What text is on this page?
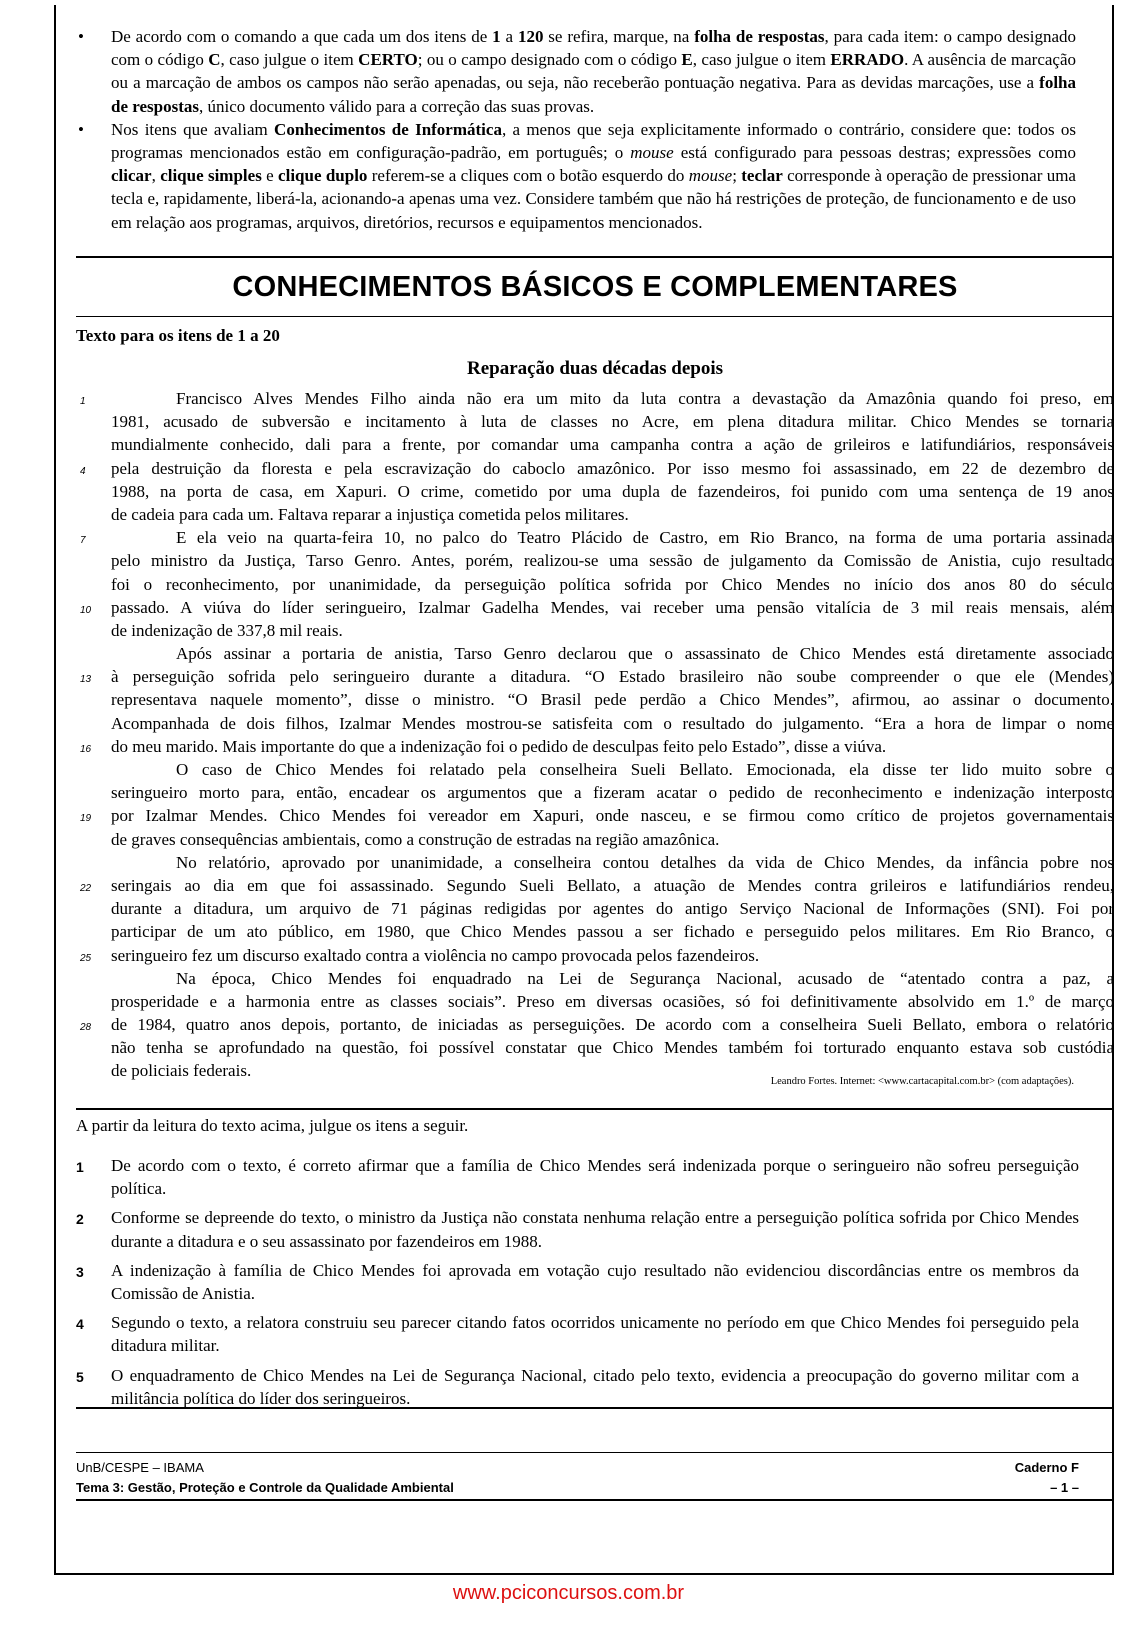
• De acordo com o comando a que cada um dos itens de 1 a 120 se refira, marque, na folha de respostas, para cada item: o campo designado com o código C, caso julgue o item CERTO; ou o campo designado com o código E, caso julgue o item ERRADO. A ausência de marcação ou a marcação de ambos os campos não serão apenadas, ou seja, não receberão pontuação negativa. Para as devidas marcações, use a folha de respostas, único documento válido para a correção das suas provas.
• Nos itens que avaliam Conhecimentos de Informática, a menos que seja explicitamente informado o contrário, considere que: todos os programas mencionados estão em configuração-padrão, em português; o mouse está configurado para pessoas destras; expressões como clicar, clique simples e clique duplo referem-se a cliques com o botão esquerdo do mouse; teclar corresponde à operação de pressionar uma tecla e, rapidamente, liberá-la, acionando-a apenas uma vez. Considere também que não há restrições de proteção, de funcionamento e de uso em relação aos programas, arquivos, diretórios, recursos e equipamentos mencionados.
CONHECIMENTOS BÁSICOS E COMPLEMENTARES
Texto para os itens de 1 a 20
Reparação duas décadas depois
1	Francisco Alves Mendes Filho ainda não era um mito da luta contra a devastação da Amazônia quando foi preso, em
1981, acusado de subversão e incitamento à luta de classes no Acre, em plena ditadura militar. Chico Mendes se tornaria
mundialmente conhecido, dali para a frente, por comandar uma campanha contra a ação de grileiros e latifundiários, responsáveis
4	pela destruição da floresta e pela escravização do caboclo amazônico. Por isso mesmo foi assassinado, em 22 de dezembro de
1988, na porta de casa, em Xapuri. O crime, cometido por uma dupla de fazendeiros, foi punido com uma sentença de 19 anos
de cadeia para cada um. Faltava reparar a injustiça cometida pelos militares.
7	E ela veio na quarta-feira 10, no palco do Teatro Plácido de Castro, em Rio Branco, na forma de uma portaria assinada
pelo ministro da Justiça, Tarso Genro. Antes, porém, realizou-se uma sessão de julgamento da Comissão de Anistia, cujo resultado
foi o reconhecimento, por unanimidade, da perseguição política sofrida por Chico Mendes no início dos anos 80 do século
10	passado. A viúva do líder seringueiro, Izalmar Gadelha Mendes, vai receber uma pensão vitalícia de 3 mil reais mensais, além
de indenização de 337,8 mil reais.
Após assinar a portaria de anistia, Tarso Genro declarou que o assassinato de Chico Mendes está diretamente associado
13	à perseguição sofrida pelo seringueiro durante a ditadura. “O Estado brasileiro não soube compreender o que ele (Mendes)
representava naquele momento”, disse o ministro. “O Brasil pede perdão a Chico Mendes”, afirmou, ao assinar o documento.
Acompanhada de dois filhos, Izalmar Mendes mostrou-se satisfeita com o resultado do julgamento. “Era a hora de limpar o nome
16	do meu marido. Mais importante do que a indenização foi o pedido de desculpas feito pelo Estado”, disse a viúva.
O caso de Chico Mendes foi relatado pela conselheira Sueli Bellato. Emocionada, ela disse ter lido muito sobre o
seringueiro morto para, então, encadear os argumentos que a fizeram acatar o pedido de reconhecimento e indenização interposto
19	por Izalmar Mendes. Chico Mendes foi vereador em Xapuri, onde nasceu, e se firmou como crítico de projetos governamentais
de graves consequências ambientais, como a construção de estradas na região amazônica.
No relatório, aprovado por unanimidade, a conselheira contou detalhes da vida de Chico Mendes, da infância pobre nos
22	seringais ao dia em que foi assassinado. Segundo Sueli Bellato, a atuação de Mendes contra grileiros e latifundiários rendeu,
durante a ditadura, um arquivo de 71 páginas redigidas por agentes do antigo Serviço Nacional de Informações (SNI). Foi por
participar de um ato público, em 1980, que Chico Mendes passou a ser fichado e perseguido pelos militares. Em Rio Branco, o
25	seringueiro fez um discurso exaltado contra a violência no campo provocada pelos fazendeiros.
Na época, Chico Mendes foi enquadrado na Lei de Segurança Nacional, acusado de “atentado contra a paz, a
prosperidade e a harmonia entre as classes sociais”. Preso em diversas ocasiões, só foi definitivamente absolvido em 1.º de março
28	de 1984, quatro anos depois, portanto, de iniciadas as perseguições. De acordo com a conselheira Sueli Bellato, embora o relatório
não tenha se aprofundado na questão, foi possível constatar que Chico Mendes também foi torturado enquanto estava sob custódia
de policiais federais.
Leandro Fortes. Internet: <www.cartacapital.com.br> (com adaptações).
A partir da leitura do texto acima, julgue os itens a seguir.
1 De acordo com o texto, é correto afirmar que a família de Chico Mendes será indenizada porque o seringueiro não sofreu perseguição política.
2 Conforme se depreende do texto, o ministro da Justiça não constata nenhuma relação entre a perseguição política sofrida por Chico Mendes durante a ditadura e o seu assassinato por fazendeiros em 1988.
3 A indenização à família de Chico Mendes foi aprovada em votação cujo resultado não evidenciou discordâncias entre os membros da Comissão de Anistia.
4 Segundo o texto, a relatora construiu seu parecer citando fatos ocorridos unicamente no período em que Chico Mendes foi perseguido pela ditadura militar.
5 O enquadramento de Chico Mendes na Lei de Segurança Nacional, citado pelo texto, evidencia a preocupação do governo militar com a militância política do líder dos seringueiros.
UnB/CESPE – IBAMA	Caderno F
Tema 3: Gestão, Proteção e Controle da Qualidade Ambiental	– 1 –
www.pciconcursos.com.br
